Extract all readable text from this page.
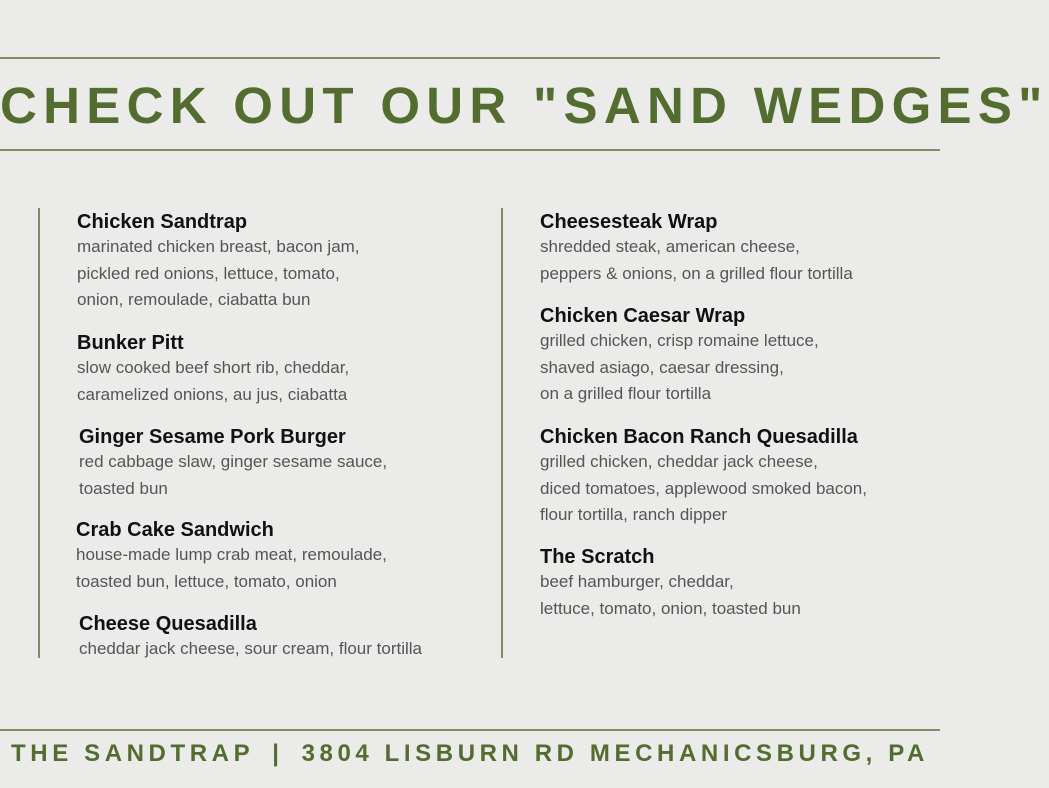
CHECK OUT OUR "SAND WEDGES"
Chicken Sandtrap
marinated chicken breast, bacon jam,
pickled red onions, lettuce, tomato,
onion, remoulade, ciabatta bun
Bunker Pitt
slow cooked beef short rib, cheddar,
caramelized onions, au jus, ciabatta
Ginger Sesame Pork Burger
red cabbage slaw, ginger sesame sauce,
toasted bun
Crab Cake Sandwich
house-made lump crab meat, remoulade,
toasted bun, lettuce, tomato, onion
Cheese Quesadilla
cheddar jack cheese, sour cream, flour tortilla
Cheesesteak Wrap
shredded steak, american cheese,
peppers & onions, on a grilled flour tortilla
Chicken Caesar Wrap
grilled chicken, crisp romaine lettuce,
shaved asiago, caesar dressing,
on a grilled flour tortilla
Chicken Bacon Ranch Quesadilla
grilled chicken, cheddar jack cheese,
diced tomatoes, applewood smoked bacon,
flour tortilla, ranch dipper
The Scratch
beef hamburger, cheddar,
lettuce, tomato, onion, toasted bun
THE SANDTRAP | 3804 LISBURN RD MECHANICSBURG, PA
